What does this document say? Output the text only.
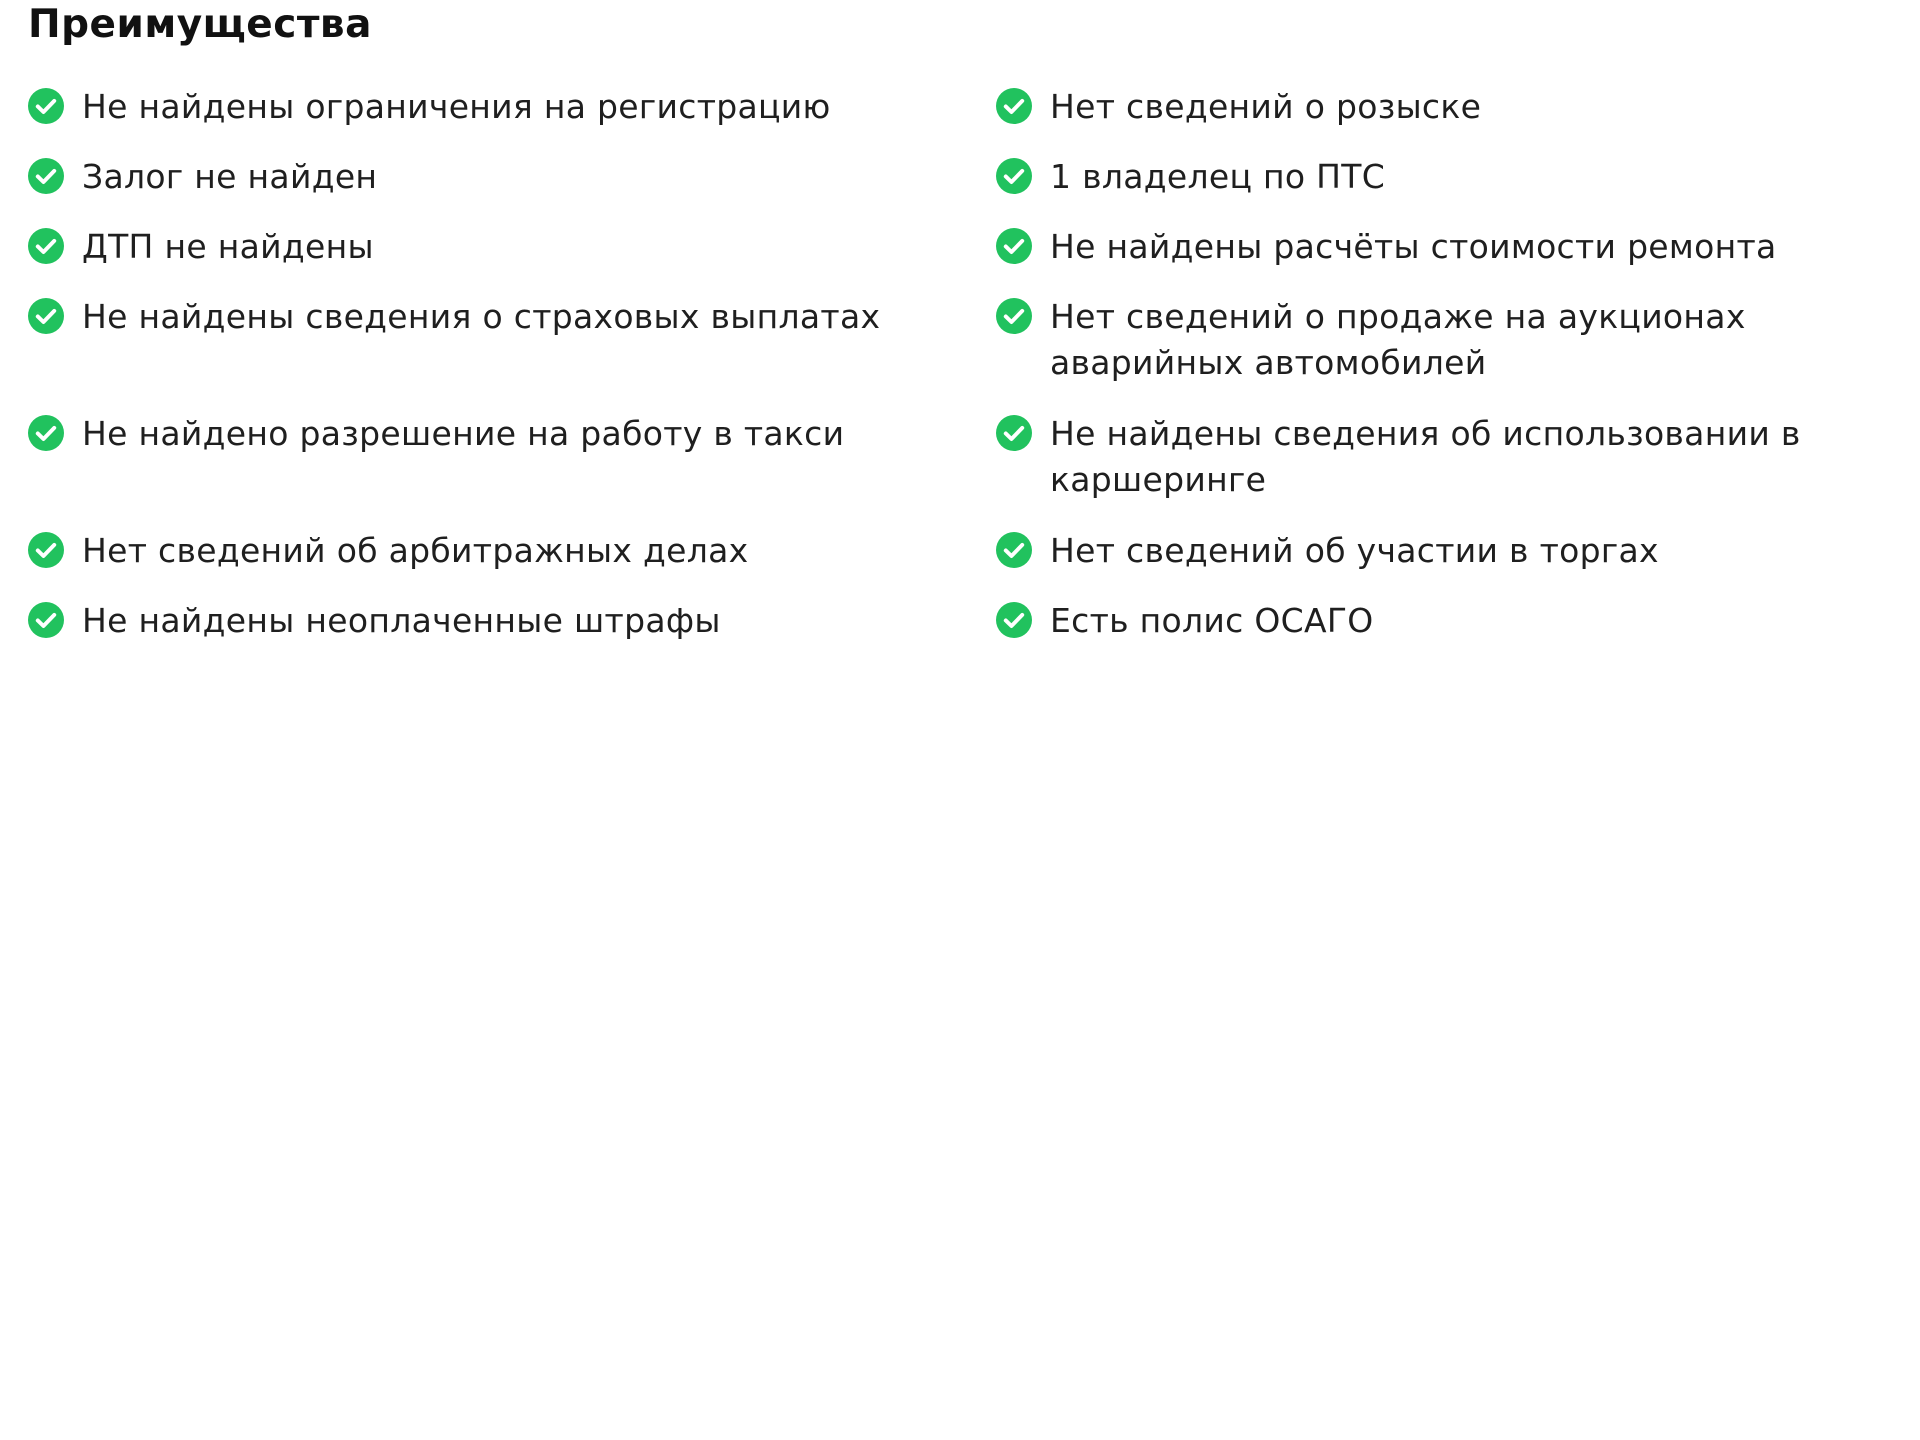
Преимущества
Не найдены ограничения на регистрацию
Залог не найден
ДТП не найдены
Не найдены сведения о страховых выплатах
Не найдено разрешение на работу в такси
Нет сведений об арбитражных делах
Не найдены неоплаченные штрафы
Нет сведений о розыске
1 владелец по ПТС
Не найдены расчёты стоимости ремонта
Нет сведений о продаже на аукционах аварийных автомобилей
Не найдены сведения об использовании в каршеринге
Нет сведений об участии в торгах
Есть полис ОСАГО
